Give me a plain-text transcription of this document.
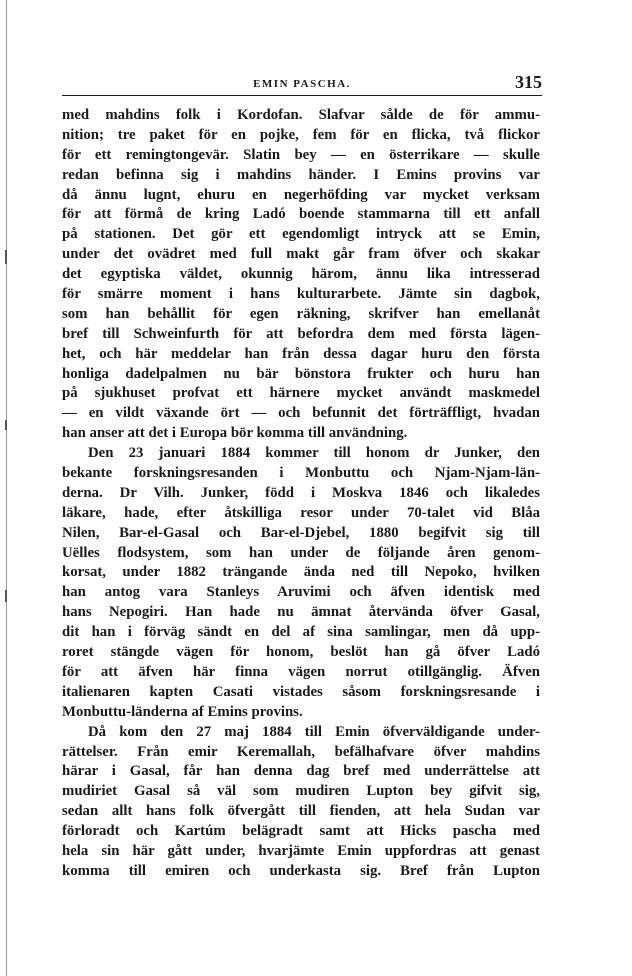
EMIN PASCHA.	315
med mahdins folk i Kordofan. Slafvar sålde de för ammu-
nition; tre paket för en pojke, fem för en flicka, två flickor
för ett remingtongevär. Slatin bey — en österrikare — skulle
redan befinna sig i mahdins händer. I Emins provins var
då ännu lugnt, ehuru en negerhöfding var mycket verksam
för att förmå de kring Ladó boende stammarna till ett anfall
på stationen. Det gör ett egendomligt intryck att se Emin,
under det ovädret med full makt går fram öfver och skakar
det egyptiska väldet, okunnig härom, ännu lika intresserad
för smärre moment i hans kulturarbete. Jämte sin dagbok,
som han behållit för egen räkning, skrifver han emellanåt
bref till Schweinfurth för att befordra dem med första lägen-
het, och här meddelar han från dessa dagar huru den första
honliga dadelpalmen nu bär bönstora frukter och huru han
på sjukhuset profvat ett härnere mycket användt maskmedel
— en vildt växande ört — och befunnit det förträffligt, hvadan
han anser att det i Europa bör komma till användning.
Den 23 januari 1884 kommer till honom dr Junker, den
bekante forskningsresanden i Monbuttu och Njam-Njam-län-
derna. Dr Vilh. Junker, född i Moskva 1846 och likaledes
läkare, hade, efter åtskilliga resor under 70-talet vid Blåa
Nilen, Bar-el-Gasal och Bar-el-Djebel, 1880 begifvit sig till
Uëlles flodsystem, som han under de följande åren genom-
korsat, under 1882 trängande ända ned till Nepoko, hvilken
han antog vara Stanleys Aruvimi och äfven identisk med
hans Nepogiri. Han hade nu ämnat återvända öfver Gasal,
dit han i förväg sändt en del af sina samlingar, men då upp-
roret stängde vägen för honom, beslöt han gå öfver Ladó
för att äfven här finna vägen norrut otillgänglig. Äfven
italienaren kapten Casati vistades såsom forskningsresande i
Monbuttu-länderna af Emins provins.
Då kom den 27 maj 1884 till Emin öfverväldigande under-
rättelser. Från emir Keremallah, befälhafvare öfver mahdins
härar i Gasal, får han denna dag bref med underrättelse att
mudiriet Gasal så väl som mudiren Lupton bey gifvit sig,
sedan allt hans folk öfvergått till fienden, att hela Sudan var
förloradt och Kartúm belägradt samt att Hicks pascha med
hela sin här gått under, hvarjämte Emin uppfordras att genast
komma till emiren och underkasta sig. Bref från Lupton
